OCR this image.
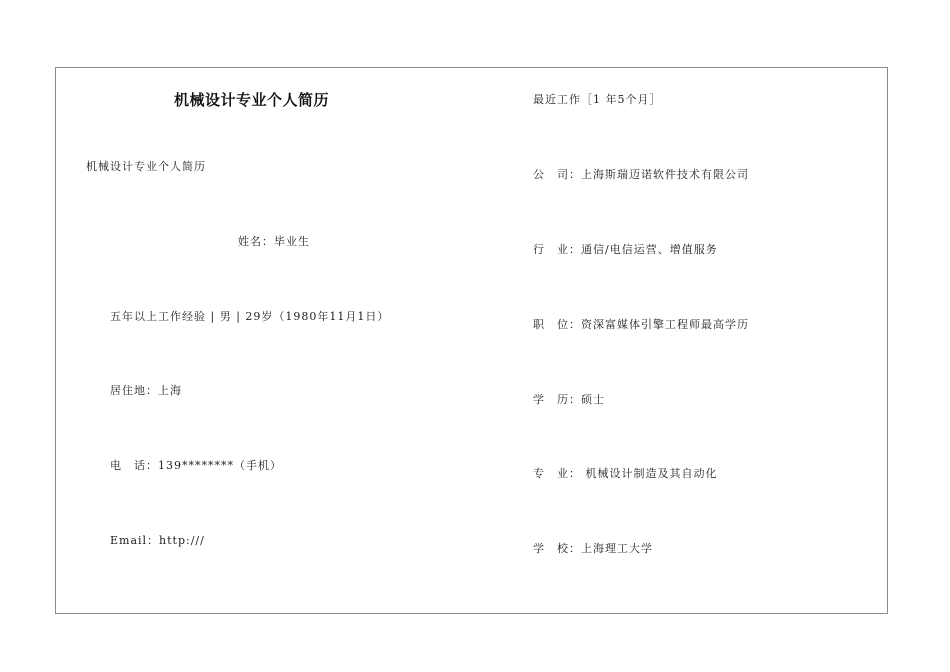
机械设计专业个人简历
机械设计专业个人简历
姓名：毕业生
五年以上工作经验 | 男 | 29岁（1980年11月1日）
居住地：上海
电　话：139********（手机）
Email：http:///
最近工作［1 年5个月］
公　司：上海斯瑞迈诺软件技术有限公司
行　业：通信/电信运营、增值服务
职　位：资深富媒体引擎工程师最高学历
学　历：硕士
专　业： 机械设计制造及其自动化
学　校：上海理工大学
